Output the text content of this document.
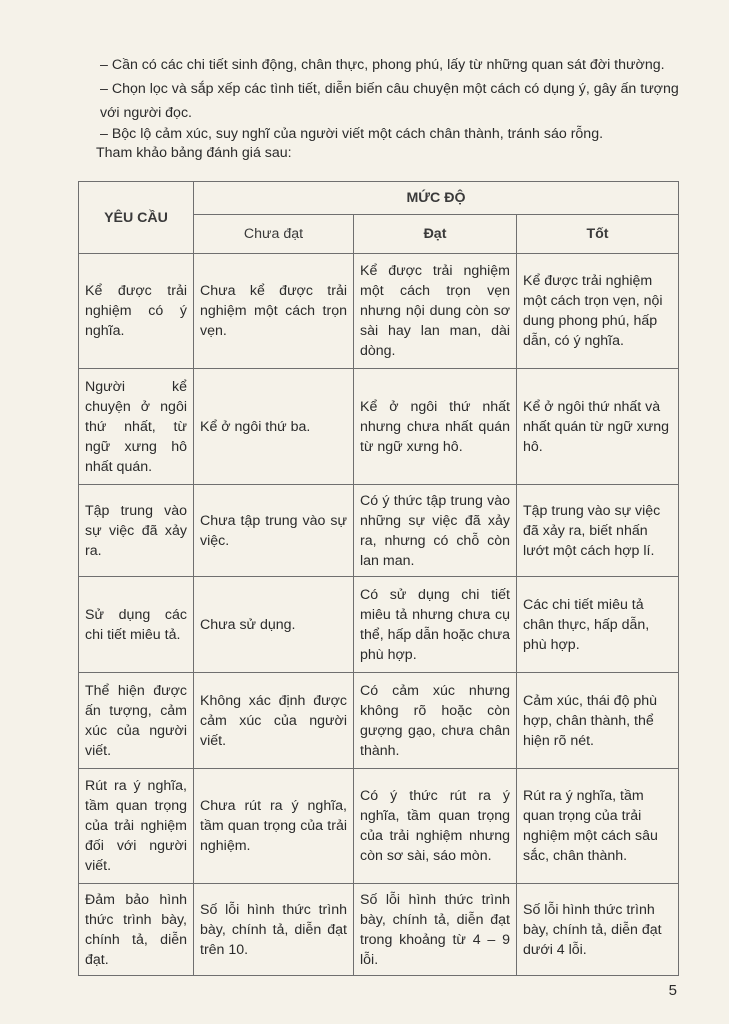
– Cần có các chi tiết sinh động, chân thực, phong phú, lấy từ những quan sát đời thường.
– Chọn lọc và sắp xếp các tình tiết, diễn biến câu chuyện một cách có dụng ý, gây ấn tượng với người đọc.
– Bộc lộ cảm xúc, suy nghĩ của người viết một cách chân thành, tránh sáo rỗng.
Tham khảo bảng đánh giá sau:
YÊU CẦU	MỨC ĐỘ		
	Chưa đạt	Đạt	Tốt
Kể được trải nghiệm có ý nghĩa.	Chưa kể được trải nghiệm một cách trọn vẹn.	Kể được trải nghiệm một cách trọn vẹn nhưng nội dung còn sơ sài hay lan man, dài dòng.	Kể được trải nghiệm một cách trọn vẹn, nội dung phong phú, hấp dẫn, có ý nghĩa.
Người kể chuyện ở ngôi thứ nhất, từ ngữ xưng hô nhất quán.	Kể ở ngôi thứ ba.	Kể ở ngôi thứ nhất nhưng chưa nhất quán từ ngữ xưng hô.	Kể ở ngôi thứ nhất và nhất quán từ ngữ xưng hô.
Tập trung vào sự việc đã xảy ra.	Chưa tập trung vào sự việc.	Có ý thức tập trung vào những sự việc đã xảy ra, nhưng có chỗ còn lan man.	Tập trung vào sự việc đã xảy ra, biết nhấn lướt một cách hợp lí.
Sử dụng các chi tiết miêu tả.	Chưa sử dụng.	Có sử dụng chi tiết miêu tả nhưng chưa cụ thể, hấp dẫn hoặc chưa phù hợp.	Các chi tiết miêu tả chân thực, hấp dẫn, phù hợp.
Thể hiện được ấn tượng, cảm xúc của người viết.	Không xác định được cảm xúc của người viết.	Có cảm xúc nhưng không rõ hoặc còn gượng gạo, chưa chân thành.	Cảm xúc, thái độ phù hợp, chân thành, thể hiện rõ nét.
Rút ra ý nghĩa, tầm quan trọng của trải nghiệm đối với người viết.	Chưa rút ra ý nghĩa, tầm quan trọng của trải nghiệm.	Có ý thức rút ra ý nghĩa, tầm quan trọng của trải nghiệm nhưng còn sơ sài, sáo mòn.	Rút ra ý nghĩa, tầm quan trọng của trải nghiệm một cách sâu sắc, chân thành.
Đảm bảo hình thức trình bày, chính tả, diễn đạt.	Số lỗi hình thức trình bày, chính tả, diễn đạt trên 10.	Số lỗi hình thức trình bày, chính tả, diễn đạt trong khoảng từ 4 – 9 lỗi.	Số lỗi hình thức trình bày, chính tả, diễn đạt dưới 4 lỗi.
5
